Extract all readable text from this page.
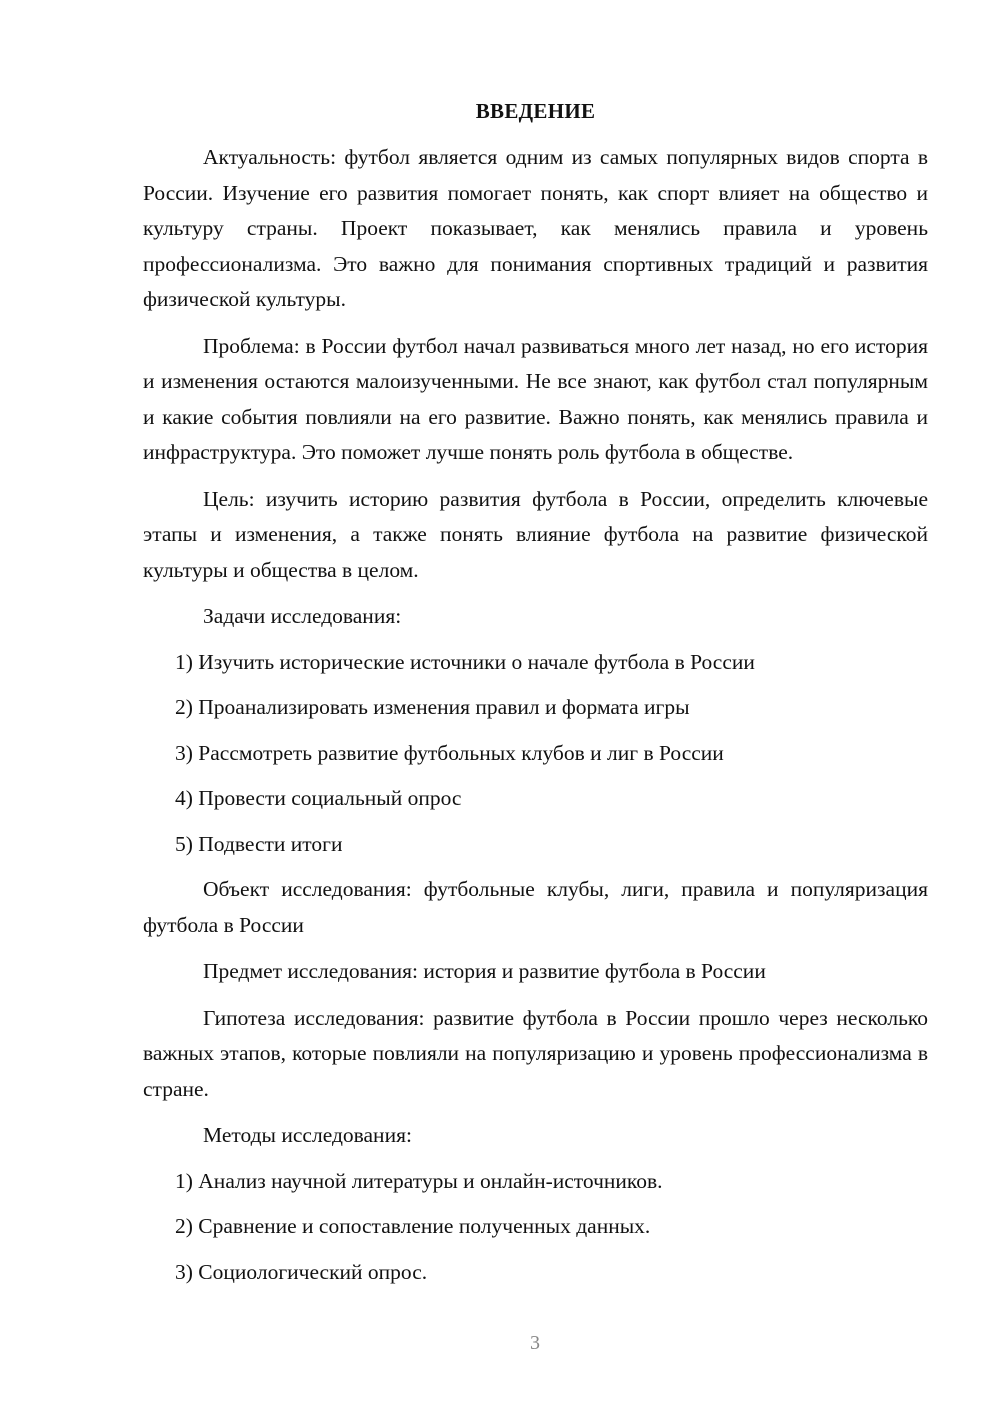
ВВЕДЕНИЕ

Актуальность: футбол является одним из самых популярных видов спорта в России. Изучение его развития помогает понять, как спорт влияет на общество и культуру страны. Проект показывает, как менялись правила и уровень профессионализма. Это важно для понимания спортивных традиций и развития физической культуры.

Проблема: в России футбол начал развиваться много лет назад, но его история и изменения остаются малоизученными. Не все знают, как футбол стал популярным и какие события повлияли на его развитие. Важно понять, как менялись правила и инфраструктура. Это поможет лучше понять роль футбола в обществе.

Цель: изучить историю развития футбола в России, определить ключевые этапы и изменения, а также понять влияние футбола на развитие физической культуры и общества в целом.

Задачи исследования:

1) Изучить исторические источники о начале футбола в России

2) Проанализировать изменения правил и формата игры

3) Рассмотреть развитие футбольных клубов и лиг в России

4) Провести социальный опрос

5) Подвести итоги

Объект исследования: футбольные клубы, лиги, правила и популяризация футбола в России

Предмет исследования: история и развитие футбола в России

Гипотеза исследования: развитие футбола в России прошло через несколько важных этапов, которые повлияли на популяризацию и уровень профессионализма в стране.

Методы исследования:

1) Анализ научной литературы и онлайн-источников.

2) Сравнение и сопоставление полученных данных.

3) Социологический опрос.

3
